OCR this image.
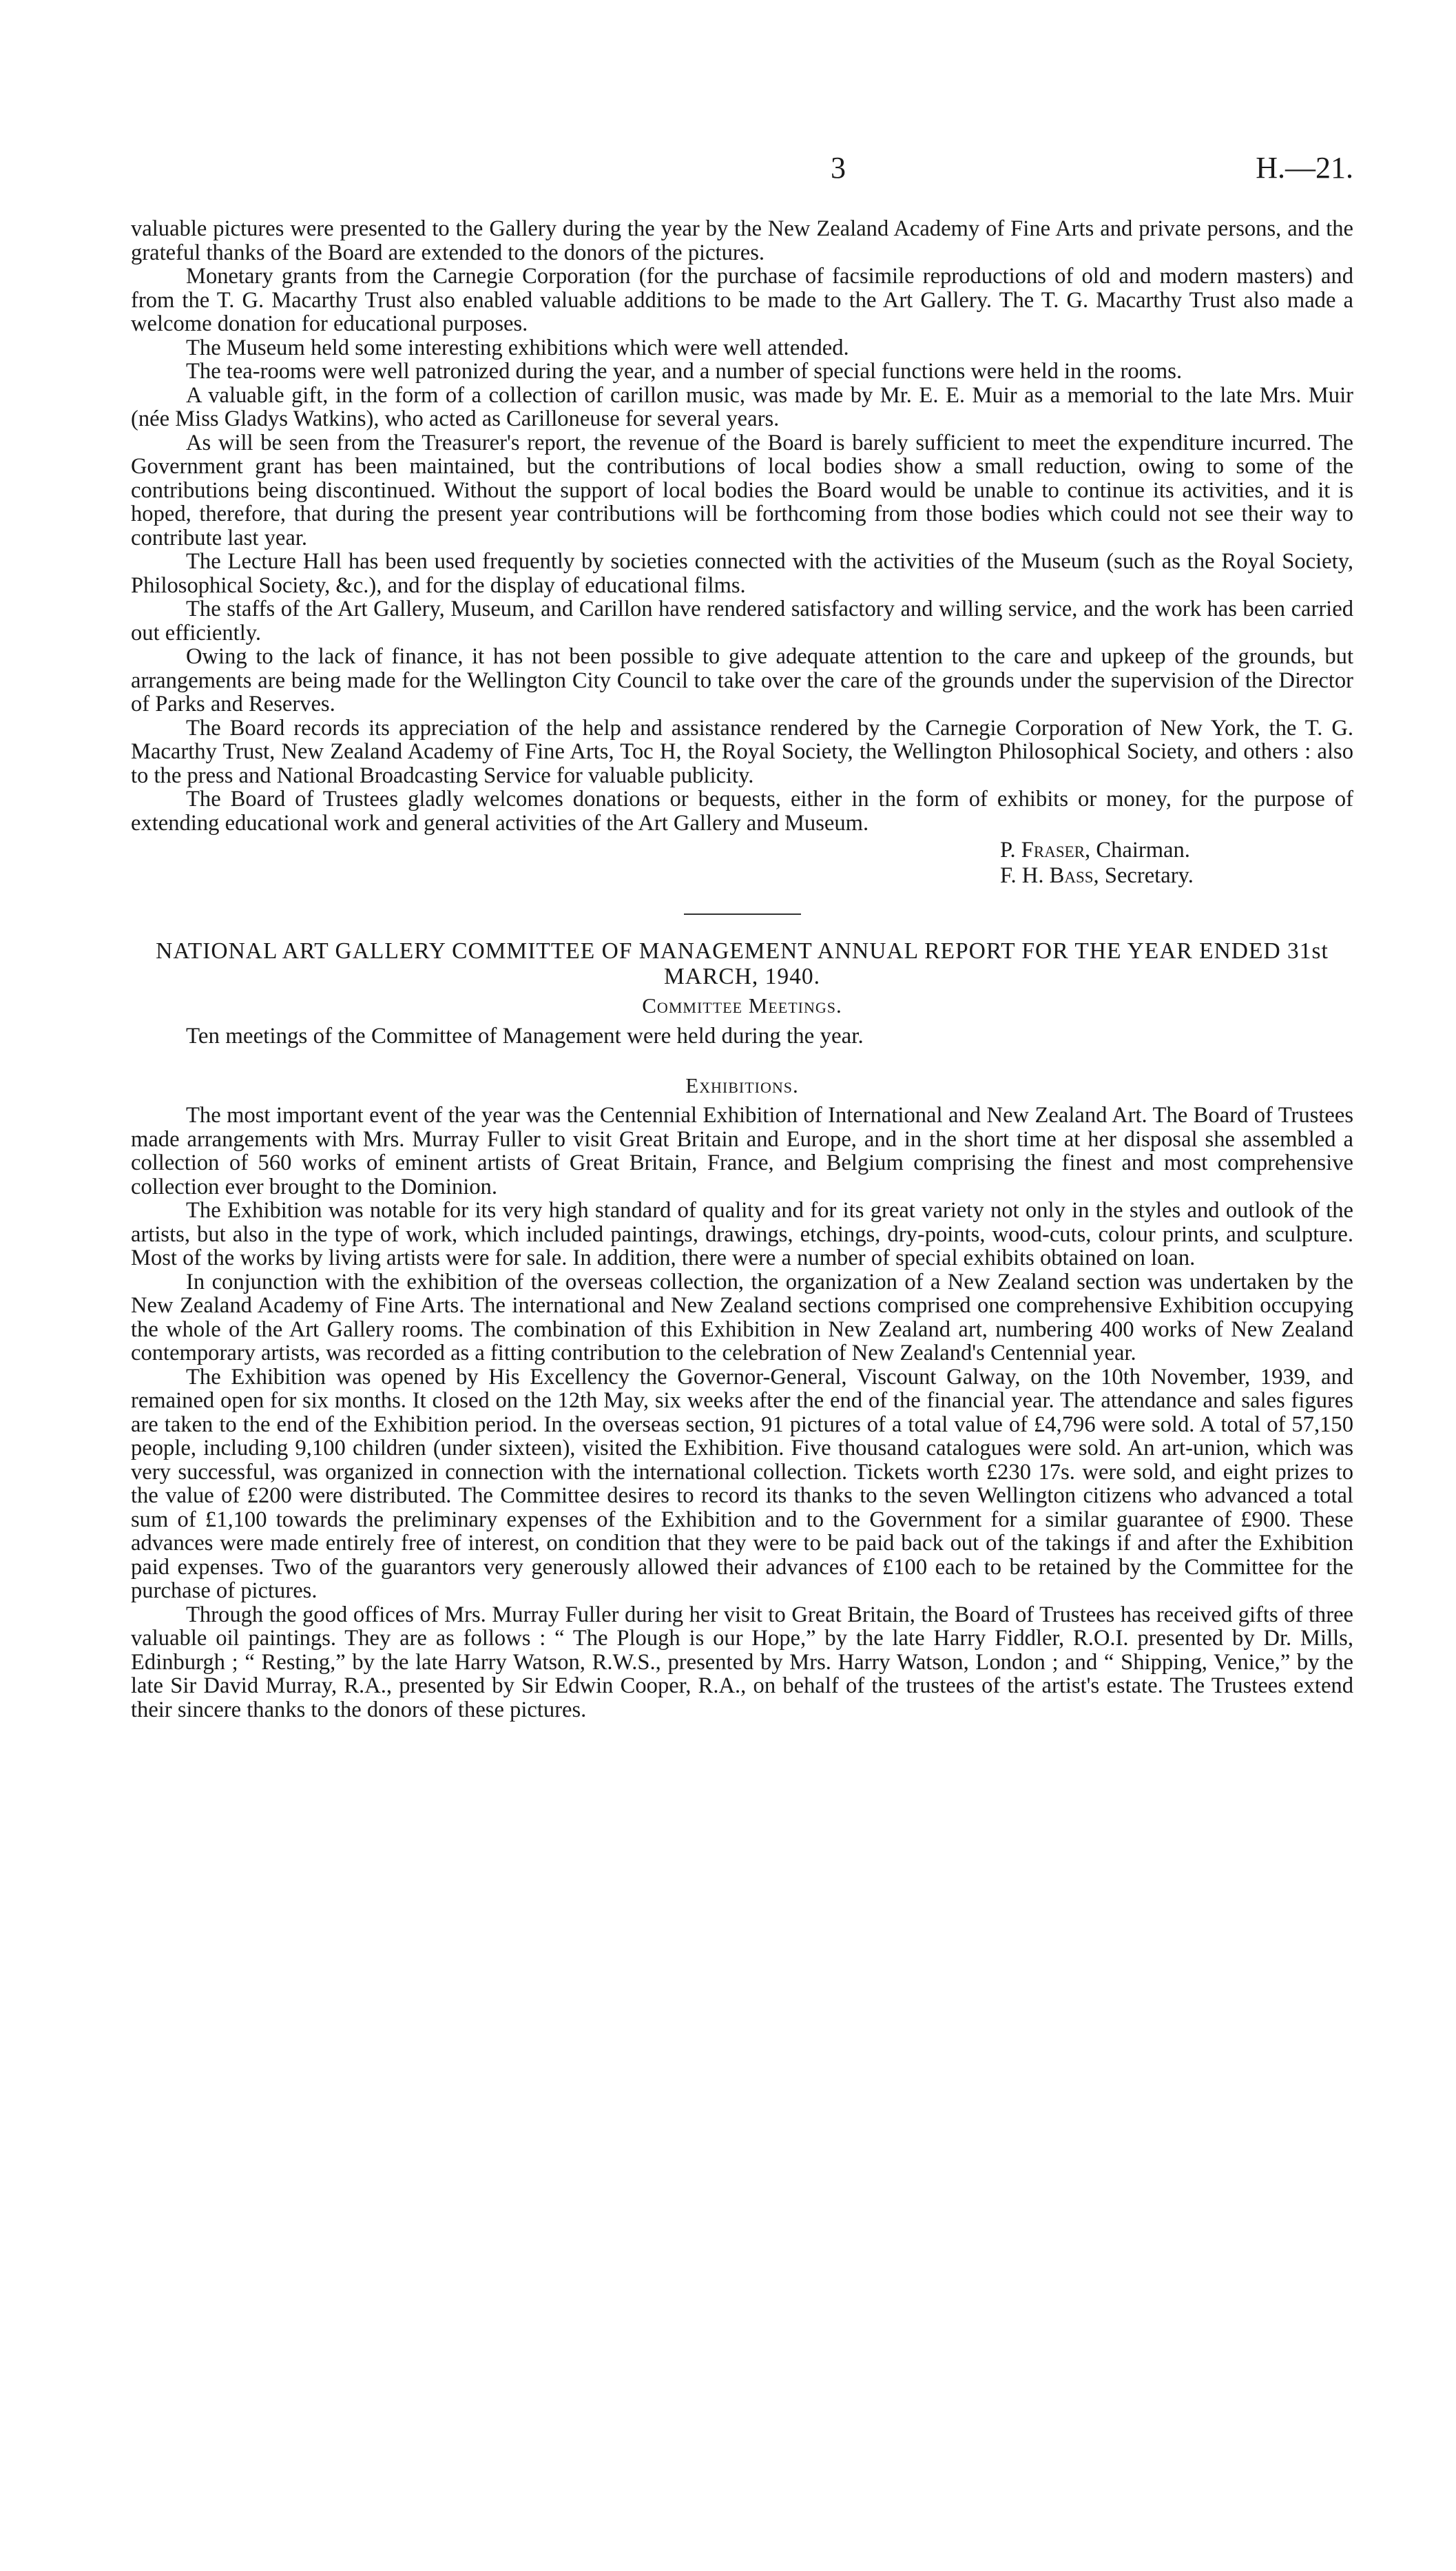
3	H.—21.

valuable pictures were presented to the Gallery during the year by the New Zealand Academy of Fine Arts and private persons, and the grateful thanks of the Board are extended to the donors of the pictures.

Monetary grants from the Carnegie Corporation (for the purchase of facsimile reproductions of old and modern masters) and from the T. G. Macarthy Trust also enabled valuable additions to be made to the Art Gallery. The T. G. Macarthy Trust also made a welcome donation for educational purposes.

The Museum held some interesting exhibitions which were well attended.

The tea-rooms were well patronized during the year, and a number of special functions were held in the rooms.

A valuable gift, in the form of a collection of carillon music, was made by Mr. E. E. Muir as a memorial to the late Mrs. Muir (née Miss Gladys Watkins), who acted as Carilloneuse for several years.

As will be seen from the Treasurer's report, the revenue of the Board is barely sufficient to meet the expenditure incurred. The Government grant has been maintained, but the contributions of local bodies show a small reduction, owing to some of the contributions being discontinued. Without the support of local bodies the Board would be unable to continue its activities, and it is hoped, therefore, that during the present year contributions will be forthcoming from those bodies which could not see their way to contribute last year.

The Lecture Hall has been used frequently by societies connected with the activities of the Museum (such as the Royal Society, Philosophical Society, &c.), and for the display of educational films.

The staffs of the Art Gallery, Museum, and Carillon have rendered satisfactory and willing service, and the work has been carried out efficiently.

Owing to the lack of finance, it has not been possible to give adequate attention to the care and upkeep of the grounds, but arrangements are being made for the Wellington City Council to take over the care of the grounds under the supervision of the Director of Parks and Reserves.

The Board records its appreciation of the help and assistance rendered by the Carnegie Corporation of New York, the T. G. Macarthy Trust, New Zealand Academy of Fine Arts, Toc H, the Royal Society, the Wellington Philosophical Society, and others : also to the press and National Broadcasting Service for valuable publicity.

The Board of Trustees gladly welcomes donations or bequests, either in the form of exhibits or money, for the purpose of extending educational work and general activities of the Art Gallery and Museum.

P. Fraser, Chairman.
F. H. Bass, Secretary.

NATIONAL ART GALLERY COMMITTEE OF MANAGEMENT ANNUAL REPORT FOR THE YEAR ENDED 31st MARCH, 1940.

Committee Meetings.

Ten meetings of the Committee of Management were held during the year.

Exhibitions.

The most important event of the year was the Centennial Exhibition of International and New Zealand Art. The Board of Trustees made arrangements with Mrs. Murray Fuller to visit Great Britain and Europe, and in the short time at her disposal she assembled a collection of 560 works of eminent artists of Great Britain, France, and Belgium comprising the finest and most comprehensive collection ever brought to the Dominion.

The Exhibition was notable for its very high standard of quality and for its great variety not only in the styles and outlook of the artists, but also in the type of work, which included paintings, drawings, etchings, dry-points, wood-cuts, colour prints, and sculpture. Most of the works by living artists were for sale. In addition, there were a number of special exhibits obtained on loan.

In conjunction with the exhibition of the overseas collection, the organization of a New Zealand section was undertaken by the New Zealand Academy of Fine Arts. The international and New Zealand sections comprised one comprehensive Exhibition occupying the whole of the Art Gallery rooms. The combination of this Exhibition in New Zealand art, numbering 400 works of New Zealand contemporary artists, was recorded as a fitting contribution to the celebration of New Zealand's Centennial year.

The Exhibition was opened by His Excellency the Governor-General, Viscount Galway, on the 10th November, 1939, and remained open for six months. It closed on the 12th May, six weeks after the end of the financial year. The attendance and sales figures are taken to the end of the Exhibition period. In the overseas section, 91 pictures of a total value of £4,796 were sold. A total of 57,150 people, including 9,100 children (under sixteen), visited the Exhibition. Five thousand catalogues were sold. An art-union, which was very successful, was organized in connection with the international collection. Tickets worth £230 17s. were sold, and eight prizes to the value of £200 were distributed. The Committee desires to record its thanks to the seven Wellington citizens who advanced a total sum of £1,100 towards the preliminary expenses of the Exhibition and to the Government for a similar guarantee of £900. These advances were made entirely free of interest, on condition that they were to be paid back out of the takings if and after the Exhibition paid expenses. Two of the guarantors very generously allowed their advances of £100 each to be retained by the Committee for the purchase of pictures.

Through the good offices of Mrs. Murray Fuller during her visit to Great Britain, the Board of Trustees has received gifts of three valuable oil paintings. They are as follows : “ The Plough is our Hope,” by the late Harry Fiddler, R.O.I. presented by Dr. Mills, Edinburgh ; “ Resting,” by the late Harry Watson, R.W.S., presented by Mrs. Harry Watson, London ; and “ Shipping, Venice,” by the late Sir David Murray, R.A., presented by Sir Edwin Cooper, R.A., on behalf of the trustees of the artist's estate. The Trustees extend their sincere thanks to the donors of these pictures.
